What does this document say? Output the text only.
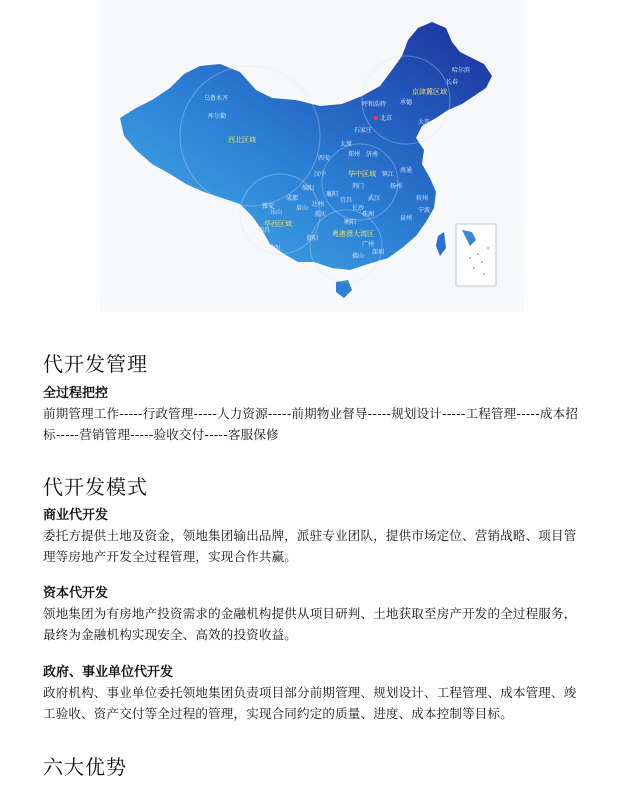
西北区域
京津冀区域
华中区域
华西区域
粤港澳大湾区
乌鲁木齐
库尔勒
长春
哈尔滨
呼和浩特 承德
北京
大连
石家庄
太原
济南
西安
郑州
南通
汉中
荆门
镇江
绵阳
宜昌
襄阳
武汉	杭州
成都
眉山
达州
重庆
乐山
雅安
西昌
昆明
贵阳
广州
深圳
佛山
泉州
衡阳
株洲
长沙
扬州
宁波
代开发管理
全过程把控

前期管理工作-----行政管理-----人力资源-----前期物业督导-----规划设计-----工程管理-----成本招标-----营销管理-----验收交付-----客服保修

代开发模式
商业代开发

委托方提供土地及资金，领地集团输出品牌，派驻专业团队，提供市场定位、营销战略、项目管理等房地产开发全过程管理，实现合作共赢。

资本代开发

领地集团为有房地产投资需求的金融机构提供从项目研判、土地获取至房产开发的全过程服务，最终为金融机构实现安全、高效的投资收益。

政府、事业单位代开发

政府机构、事业单位委托领地集团负责项目部分前期管理、规划设计、工程管理、成本管理、竣工验收、资产交付等全过程的管理，实现合同约定的质量、进度、成本控制等目标。

六大优势
